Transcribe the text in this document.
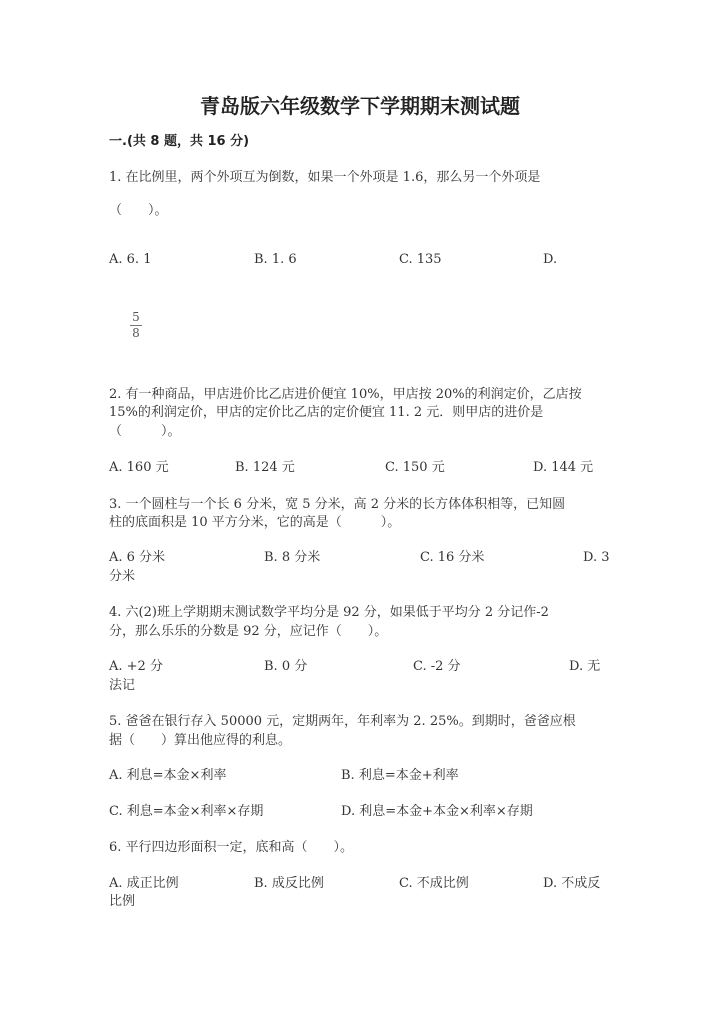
青岛版六年级数学下学期期末测试题
一.(共 8 题，共 16 分)
1. 在比例里，两个外项互为倒数，如果一个外项是 1.6，那么另一个外项是
（　　）。
A. 6. 1	B. 1. 6	C. 135	D.
5
8
2. 有一种商品，甲店进价比乙店进价便宜 10%，甲店按 20%的利润定价，乙店按
15%的利润定价，甲店的定价比乙店的定价便宜 11. 2 元．则甲店的进价是
（　　　）。
A. 160 元	B. 124 元	C. 150 元	D. 144 元
3. 一个圆柱与一个长 6 分米，宽 5 分米，高 2 分米的长方体体积相等，已知圆
柱的底面积是 10 平方分米，它的高是（　　　）。
A. 6 分米	B. 8 分米	C. 16 分米	D. 3
分米
4. 六(2)班上学期期末测试数学平均分是 92 分，如果低于平均分 2 分记作-2
分，那么乐乐的分数是 92 分，应记作（　　）。
A. +2 分	B. 0 分	C. -2 分	D. 无
法记
5. 爸爸在银行存入 50000 元，定期两年，年利率为 2. 25%。到期时，爸爸应根
据（　　）算出他应得的利息。
A. 利息=本金×利率	B. 利息=本金+利率
C. 利息=本金×利率×存期	D. 利息=本金+本金×利率×存期
6. 平行四边形面积一定，底和高（　　）。
A. 成正比例	B. 成反比例	C. 不成比例	D. 不成反
比例
